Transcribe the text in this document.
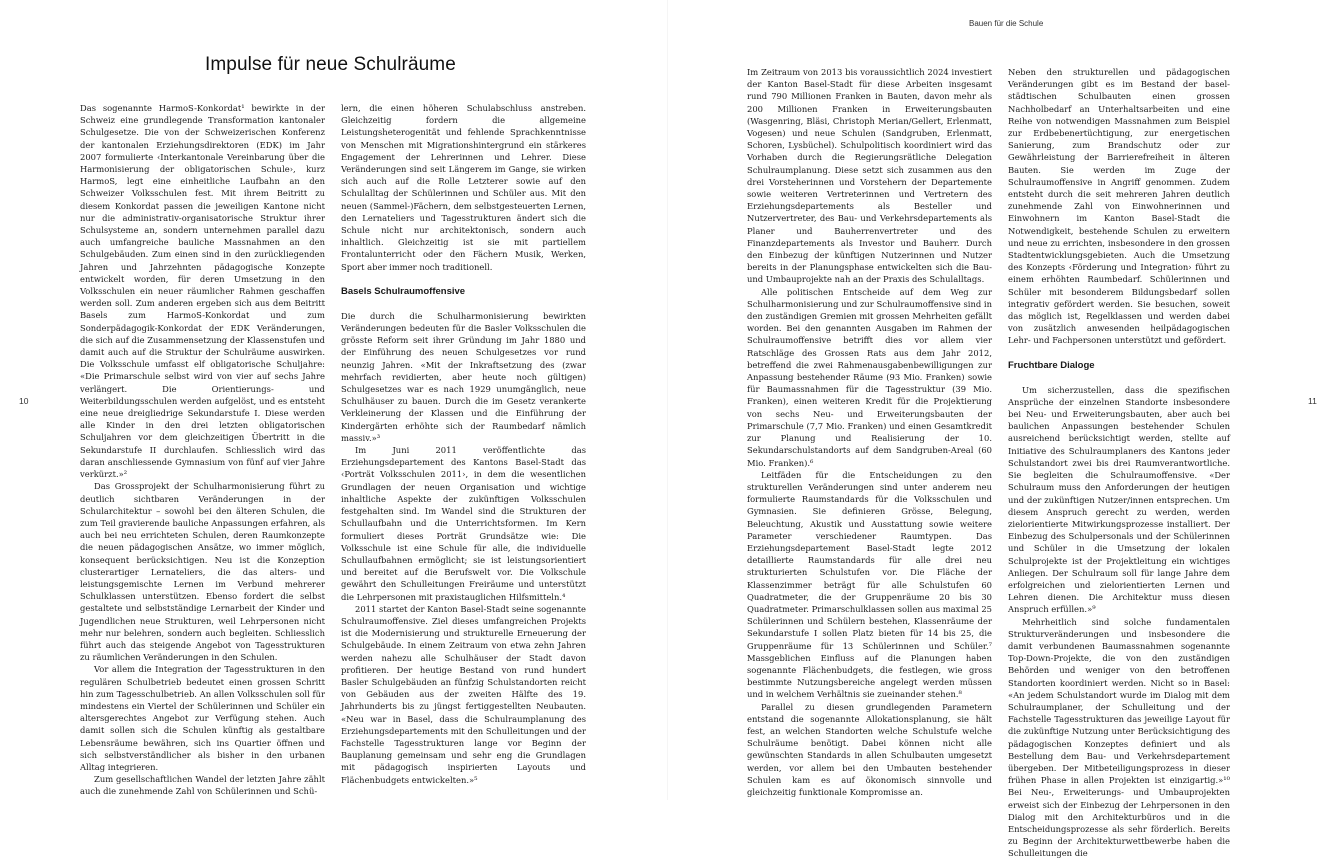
Bauen für die Schule
10	11
Impulse für neue Schulräume

Das sogenannte HarmoS-Konkordat¹ bewirkte in der Schweiz eine grundlegende Transformation kantonaler Schulgesetze. Die von der Schweizerischen Konferenz der kantonalen Erziehungsdirektoren (EDK) im Jahr 2007 formulierte ‹Interkantonale Vereinbarung über die Harmonisierung der obligatorischen Schule›, kurz HarmoS, legt eine einheitliche Laufbahn an den Schweizer Volksschulen fest. Mit ihrem Beitritt zu diesem Konkordat passen die jeweiligen Kantone nicht nur die administrativ-organisatorische Struktur ihrer Schulsysteme an, sondern unternehmen parallel dazu auch umfangreiche bauliche Massnahmen an den Schulgebäuden. Zum einen sind in den zurückliegenden Jahren und Jahrzehnten pädagogische Konzepte entwickelt worden, für deren Umsetzung in den Volksschulen ein neuer räumlicher Rahmen geschaffen werden soll. Zum anderen ergeben sich aus dem Beitritt Basels zum HarmoS-Konkordat und zum Sonderpädagogik-Konkordat der EDK Veränderungen, die sich auf die Zusammensetzung der Klassenstufen und damit auch auf die Struktur der Schulräume auswirken. Die Volksschule umfasst elf obligatorische Schuljahre: «Die Primarschule selbst wird von vier auf sechs Jahre verlängert. Die Orientierungs- und Weiterbildungsschulen werden aufgelöst, und es entsteht eine neue dreigliedrige Sekundarstufe I. Diese werden alle Kinder in den drei letzten obligatorischen Schuljahren vor dem gleichzeitigen Übertritt in die Sekundarstufe II durchlaufen. Schliesslich wird das daran anschliessende Gymnasium von fünf auf vier Jahre verkürzt.»²

Das Grossprojekt der Schulharmonisierung führt zu deutlich sichtbaren Veränderungen in der Schularchitektur – sowohl bei den älteren Schulen, die zum Teil gravierende bauliche Anpassungen erfahren, als auch bei neu errichteten Schulen, deren Raumkonzepte die neuen pädagogischen Ansätze, wo immer möglich, konsequent berücksichtigen. Neu ist die Konzeption clusterartiger Lernateliers, die das alters- und leistungsgemischte Lernen im Verbund mehrerer Schulklassen unterstützen. Ebenso fordert die selbst gestaltete und selbstständige Lernarbeit der Kinder und Jugendlichen neue Strukturen, weil Lehrpersonen nicht mehr nur belehren, sondern auch begleiten. Schliesslich führt auch das steigende Angebot von Tagesstrukturen zu räumlichen Veränderungen in den Schulen.

Vor allem die Integration der Tagesstrukturen in den regulären Schulbetrieb bedeutet einen grossen Schritt hin zum Tagesschulbetrieb. An allen Volksschulen soll für mindestens ein Viertel der Schülerinnen und Schüler ein altersgerechtes Angebot zur Verfügung stehen. Auch damit sollen sich die Schulen künftig als gestaltbare Lebensräume bewähren, sich ins Quartier öffnen und sich selbstverständlicher als bisher in den urbanen Alltag integrieren.

Zum gesellschaftlichen Wandel der letzten Jahre zählt auch die zunehmende Zahl von Schülerinnen und Schü-

lern, die einen höheren Schulabschluss anstreben. Gleichzeitig fordern die allgemeine Leistungsheterogenität und fehlende Sprachkenntnisse von Menschen mit Migrationshintergrund ein stärkeres Engagement der Lehrerinnen und Lehrer. Diese Veränderungen sind seit Längerem im Gange, sie wirken sich auch auf die Rolle Letzterer sowie auf den Schulalltag der Schülerinnen und Schüler aus. Mit den neuen (Sammel-)Fächern, dem selbstgesteuerten Lernen, den Lernateliers und Tagesstrukturen ändert sich die Schule nicht nur architektonisch, sondern auch inhaltlich. Gleichzeitig ist sie mit partiellem Frontalunterricht oder den Fächern Musik, Werken, Sport aber immer noch traditionell.

Basels Schulraumoffensive

Die durch die Schulharmonisierung bewirkten Veränderungen bedeuten für die Basler Volksschulen die grösste Reform seit ihrer Gründung im Jahr 1880 und der Einführung des neuen Schulgesetzes vor rund neunzig Jahren. «Mit der Inkraftsetzung des (zwar mehrfach revidierten, aber heute noch gültigen) Schulgesetzes war es nach 1929 unumgänglich, neue Schulhäuser zu bauen. Durch die im Gesetz verankerte Verkleinerung der Klassen und die Einführung der Kindergärten erhöhte sich der Raumbedarf nämlich massiv.»³

Im Juni 2011 veröffentlichte das Erziehungsdepartement des Kantons Basel-Stadt das ‹Porträt Volksschulen 2011›, in dem die wesentlichen Grundlagen der neuen Organisation und wichtige inhaltliche Aspekte der zukünftigen Volksschulen festgehalten sind. Im Wandel sind die Strukturen der Schullaufbahn und die Unterrichtsformen. Im Kern formuliert dieses Porträt Grundsätze wie: Die Volksschule ist eine Schule für alle, die individuelle Schullaufbahnen ermöglicht; sie ist leistungsorientiert und bereitet auf die Berufswelt vor. Die Volkschule gewährt den Schulleitungen Freiräume und unterstützt die Lehrpersonen mit praxistauglichen Hilfsmitteln.⁴

2011 startet der Kanton Basel-Stadt seine sogenannte Schulraumoffensive. Ziel dieses umfangreichen Projekts ist die Modernisierung und strukturelle Erneuerung der Schulgebäude. In einem Zeitraum von etwa zehn Jahren werden nahezu alle Schulhäuser der Stadt davon profitieren. Der heutige Bestand von rund hundert Basler Schulgebäuden an fünfzig Schulstandorten reicht von Gebäuden aus der zweiten Hälfte des 19. Jahrhunderts bis zu jüngst fertiggestellten Neubauten. «Neu war in Basel, dass die Schulraumplanung des Erziehungsdepartements mit den Schulleitungen und der Fachstelle Tagesstrukturen lange vor Beginn der Bauplanung gemeinsam und sehr eng die Grundlagen mit pädagogisch inspirierten Layouts und Flächenbudgets entwickelten.»⁵

Im Zeitraum von 2013 bis voraussichtlich 2024 investiert der Kanton Basel-Stadt für diese Arbeiten insgesamt rund 790 Millionen Franken in Bauten, davon mehr als 200 Millionen Franken in Erweiterungsbauten (Wasgenring, Bläsi, Christoph Merian/Gellert, Erlenmatt, Vogesen) und neue Schulen (Sandgruben, Erlenmatt, Schoren, Lysbüchel). Schulpolitisch koordiniert wird das Vorhaben durch die Regierungsrätliche Delegation Schulraumplanung. Diese setzt sich zusammen aus den drei Vorsteherinnen und Vorstehern der Departemente sowie weiteren Vertreterinnen und Vertretern des Erziehungsdepartements als Besteller und Nutzervertreter, des Bau- und Verkehrsdepartements als Planer und Bauherrenvertreter und des Finanzdepartements als Investor und Bauherr. Durch den Einbezug der künftigen Nutzerinnen und Nutzer bereits in der Planungsphase entwickelten sich die Bau- und Umbauprojekte nah an der Praxis des Schulalltags.

Alle politischen Entscheide auf dem Weg zur Schulharmonisierung und zur Schulraumoffensive sind in den zuständigen Gremien mit grossen Mehrheiten gefällt worden. Bei den genannten Ausgaben im Rahmen der Schulraumoffensive betrifft dies vor allem vier Ratschläge des Grossen Rats aus dem Jahr 2012, betreffend die zwei Rahmenausgabenbewilligungen zur Anpassung bestehender Räume (93 Mio. Franken) sowie für Baumassnahmen für die Tagesstruktur (39 Mio. Franken), einen weiteren Kredit für die Projektierung von sechs Neu- und Erweiterungsbauten der Primarschule (7,7 Mio. Franken) und einen Gesamtkredit zur Planung und Realisierung der 10. Sekundarschulstandorts auf dem Sandgruben-Areal (60 Mio. Franken).⁶

Leitfäden für die Entscheidungen zu den strukturellen Veränderungen sind unter anderem neu formulierte Raumstandards für die Volksschulen und Gymnasien. Sie definieren Grösse, Belegung, Beleuchtung, Akustik und Ausstattung sowie weitere Parameter verschiedener Raumtypen. Das Erziehungsdepartement Basel-Stadt legte 2012 detaillierte Raumstandards für alle drei neu strukturierten Schulstufen vor. Die Fläche der Klassenzimmer beträgt für alle Schulstufen 60 Quadratmeter, die der Gruppenräume 20 bis 30 Quadratmeter. Primarschulklassen sollen aus maximal 25 Schülerinnen und Schülern bestehen, Klassenräume der Sekundarstufe I sollen Platz bieten für 14 bis 25, die Gruppenräume für 13 Schülerinnen und Schüler.⁷ Massgeblichen Einfluss auf die Planungen haben sogenannte Flächenbudgets, die festlegen, wie gross bestimmte Nutzungsbereiche angelegt werden müssen und in welchem Verhältnis sie zueinander stehen.⁸

Parallel zu diesen grundlegenden Parametern entstand die sogenannte Allokationsplanung, sie hält fest, an welchen Standorten welche Schulstufe welche Schulräume benötigt. Dabei können nicht alle gewünschten Standards in allen Schulbauten umgesetzt werden, vor allem bei den Umbauten bestehender Schulen kam es auf ökonomisch sinnvolle und gleichzeitig funktionale Kompromisse an.

Neben den strukturellen und pädagogischen Veränderungen gibt es im Bestand der basel-städtischen Schulbauten einen grossen Nachholbedarf an Unterhaltsarbeiten und eine Reihe von notwendigen Massnahmen zum Beispiel zur Erdbebenertüchtigung, zur energetischen Sanierung, zum Brandschutz oder zur Gewährleistung der Barrierefreiheit in älteren Bauten. Sie werden im Zuge der Schulraumoffensive in Angriff genommen. Zudem entsteht durch die seit mehreren Jahren deutlich zunehmende Zahl von Einwohnerinnen und Einwohnern im Kanton Basel-Stadt die Notwendigkeit, bestehende Schulen zu erweitern und neue zu errichten, insbesondere in den grossen Stadtentwicklungsgebieten. Auch die Umsetzung des Konzepts ‹Förderung und Integration› führt zu einem erhöhten Raumbedarf. Schülerinnen und Schüler mit besonderem Bildungsbedarf sollen integrativ gefördert werden. Sie besuchen, soweit das möglich ist, Regelklassen und werden dabei von zusätzlich anwesenden heilpädagogischen Lehr- und Fachpersonen unterstützt und gefördert.

Fruchtbare Dialoge

Um sicherzustellen, dass die spezifischen Ansprüche der einzelnen Standorte insbesondere bei Neu- und Erweiterungsbauten, aber auch bei baulichen Anpassungen bestehender Schulen ausreichend berücksichtigt werden, stellte auf Initiative des Schulraumplaners des Kantons jeder Schulstandort zwei bis drei Raumverantwortliche. Sie begleiten die Schulraumoffensive. «Der Schulraum muss den Anforderungen der heutigen und der zukünftigen Nutzer/innen entsprechen. Um diesem Anspruch gerecht zu werden, werden zielorientierte Mitwirkungsprozesse installiert. Der Einbezug des Schulpersonals und der Schülerinnen und Schüler in die Umsetzung der lokalen Schulprojekte ist der Projektleitung ein wichtiges Anliegen. Der Schulraum soll für lange Jahre dem erfolgreichen und zielorientierten Lernen und Lehren dienen. Die Architektur muss diesen Anspruch erfüllen.»⁹

Mehrheitlich sind solche fundamentalen Strukturveränderungen und insbesondere die damit verbundenen Baumassnahmen sogenannte Top-Down-Projekte, die von den zuständigen Behörden und weniger von den betroffenen Standorten koordiniert werden. Nicht so in Basel: «An jedem Schulstandort wurde im Dialog mit dem Schulraumplaner, der Schulleitung und der Fachstelle Tagesstrukturen das jeweilige Layout für die zukünftige Nutzung unter Berücksichtigung des pädagogischen Konzeptes definiert und als Bestellung dem Bau- und Verkehrsdepartement übergeben. Der Mitbeteiligungsprozess in dieser frühen Phase in allen Projekten ist einzigartig.»¹⁰ Bei Neu-, Erweiterungs- und Umbauprojekten erweist sich der Einbezug der Lehrpersonen in den Dialog mit den Architekturbüros und in die Entscheidungsprozesse als sehr förderlich. Bereits zu Beginn der Architekturwettbewerbe haben die Schulleitungen die
